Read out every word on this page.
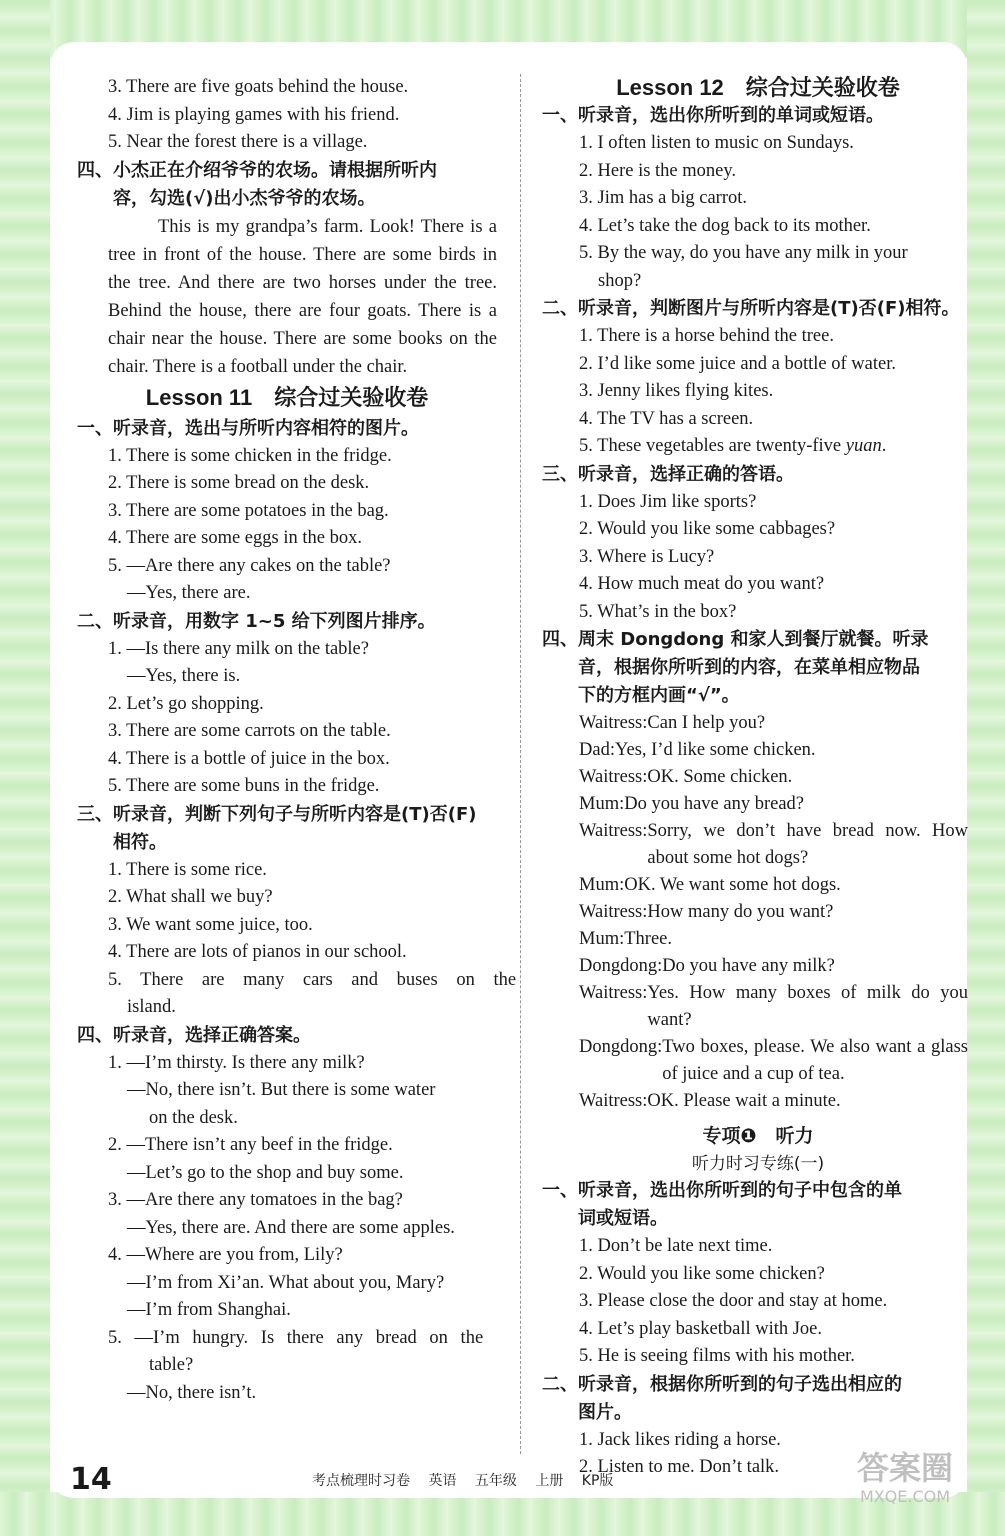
3. There are five goats behind the house.
4. Jim is playing games with his friend.
5. Near the forest there is a village.
四、小杰正在介绍爷爷的农场。请根据所听内
容，勾选(√)出小杰爷爷的农场。
This is my grandpa’s farm. Look! There is a tree in front of the house. There are some birds in the tree. And there are two horses under the tree. Behind the house, there are four goats. There is a chair near the house. There are some books on the chair. There is a football under the chair.
Lesson 11　综合过关验收卷
一、听录音，选出与所听内容相符的图片。
1. There is some chicken in the fridge.
2. There is some bread on the desk.
3. There are some potatoes in the bag.
4. There are some eggs in the box.
5. —Are there any cakes on the table?
—Yes, there are.
二、听录音，用数字 1~5 给下列图片排序。
1. —Is there any milk on the table?
—Yes, there is.
2. Let’s go shopping.
3. There are some carrots on the table.
4. There is a bottle of juice in the box.
5. There are some buns in the fridge.
三、听录音，判断下列句子与所听内容是(T)否(F)
相符。
1. There is some rice.
2. What shall we buy?
3. We want some juice, too.
4. There are lots of pianos in our school.
5. There are many cars and buses on the
island.
四、听录音，选择正确答案。
1. —I’m thirsty. Is there any milk?
—No, there isn’t. But there is some water
on the desk.
2. —There isn’t any beef in the fridge.
—Let’s go to the shop and buy some.
3. —Are there any tomatoes in the bag?
—Yes, there are. And there are some apples.
4. —Where are you from, Lily?
—I’m from Xi’an. What about you, Mary?
—I’m from Shanghai.
5. —I’m hungry. Is there any bread on the
table?
—No, there isn’t.
Lesson 12　综合过关验收卷
一、听录音，选出你所听到的单词或短语。
1. I often listen to music on Sundays.
2. Here is the money.
3. Jim has a big carrot.
4. Let’s take the dog back to its mother.
5. By the way, do you have any milk in your
shop?
二、听录音，判断图片与所听内容是(T)否(F)相符。
1. There is a horse behind the tree.
2. I’d like some juice and a bottle of water.
3. Jenny likes flying kites.
4. The TV has a screen.
5. These vegetables are twenty-five yuan.
三、听录音，选择正确的答语。
1. Does Jim like sports?
2. Would you like some cabbages?
3. Where is Lucy?
4. How much meat do you want?
5. What’s in the box?
四、周末 Dongdong 和家人到餐厅就餐。听录
音，根据你所听到的内容，在菜单相应物品
下的方框内画“√”。
Waitress: Can I help you?
Dad: Yes, I’d like some chicken.
Waitress: OK. Some chicken.
Mum: Do you have any bread?
Waitress: Sorry, we don’t have bread now. How about some hot dogs?
Mum: OK. We want some hot dogs.
Waitress: How many do you want?
Mum: Three.
Dongdong: Do you have any milk?
Waitress: Yes. How many boxes of milk do you want?
Dongdong: Two boxes, please. We also want a glass of juice and a cup of tea.
Waitress: OK. Please wait a minute.
专项❶　听力
听力时习专练(一)
一、听录音，选出你所听到的句子中包含的单
词或短语。
1. Don’t be late next time.
2. Would you like some chicken?
3. Please close the door and stay at home.
4. Let’s play basketball with Joe.
5. He is seeing films with his mother.
二、听录音，根据你所听到的句子选出相应的
图片。
1. Jack likes riding a horse.
2. Listen to me. Don’t talk.
14	考点梳理时习卷 英语 五年级 上册 KP版	答案圈
MXQE.COM
